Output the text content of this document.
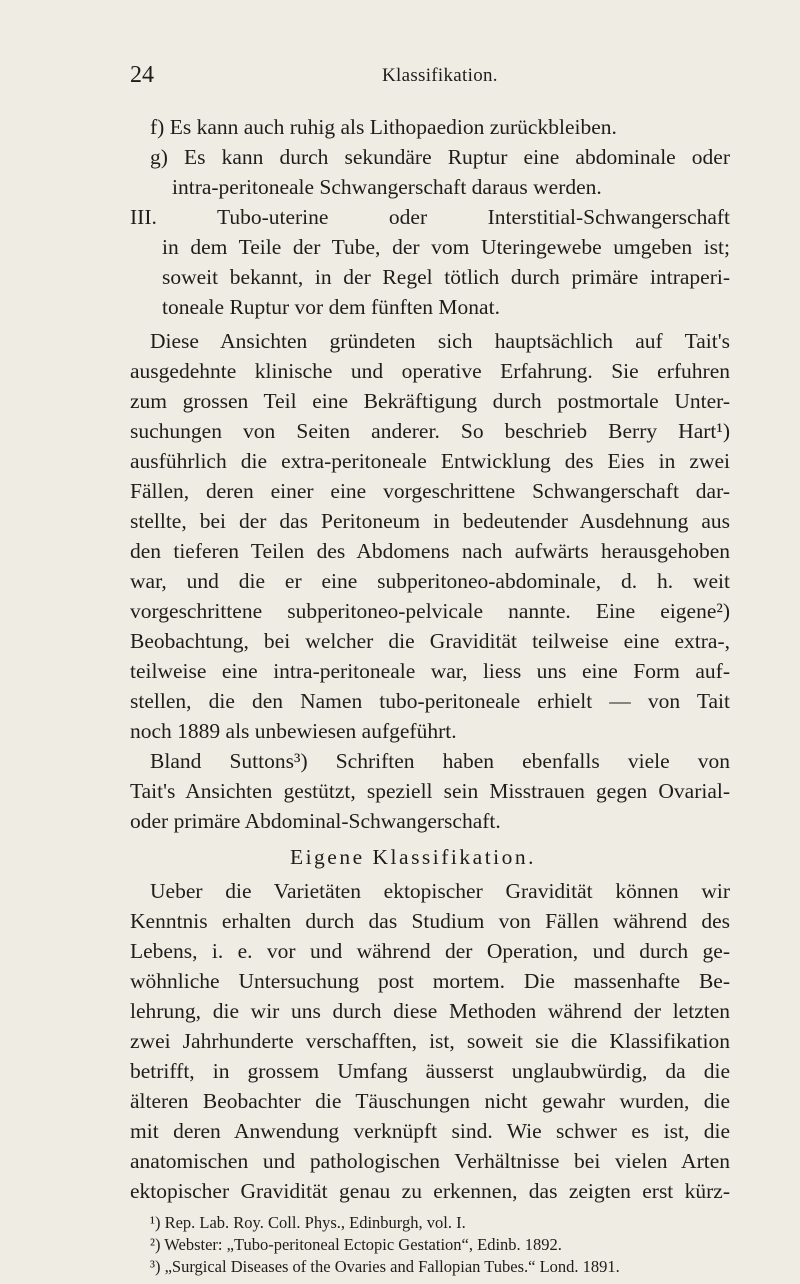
24	Klassifikation.
f) Es kann auch ruhig als Lithopaedion zurückbleiben.
g) Es kann durch sekundäre Ruptur eine abdominale oder
intra-peritoneale Schwangerschaft daraus werden.
III. Tubo-uterine oder Interstitial-Schwangerschaft
in dem Teile der Tube, der vom Uteringewebe umgeben ist;
soweit bekannt, in der Regel tötlich durch primäre intraperi-
toneale Ruptur vor dem fünften Monat.
Diese Ansichten gründeten sich hauptsächlich auf Tait's
ausgedehnte klinische und operative Erfahrung. Sie erfuhren
zum grossen Teil eine Bekräftigung durch postmortale Unter-
suchungen von Seiten anderer. So beschrieb Berry Hart¹)
ausführlich die extra-peritoneale Entwicklung des Eies in zwei
Fällen, deren einer eine vorgeschrittene Schwangerschaft dar-
stellte, bei der das Peritoneum in bedeutender Ausdehnung aus
den tieferen Teilen des Abdomens nach aufwärts herausgehoben
war, und die er eine subperitoneo-abdominale, d. h. weit
vorgeschrittene subperitoneo-pelvicale nannte. Eine eigene²)
Beobachtung, bei welcher die Gravidität teilweise eine extra-,
teilweise eine intra-peritoneale war, liess uns eine Form auf-
stellen, die den Namen tubo-peritoneale erhielt — von Tait
noch 1889 als unbewiesen aufgeführt.
Bland Suttons³) Schriften haben ebenfalls viele von
Tait's Ansichten gestützt, speziell sein Misstrauen gegen Ovarial-
oder primäre Abdominal-Schwangerschaft.
Eigene Klassifikation.
Ueber die Varietäten ektopischer Gravidität können wir
Kenntnis erhalten durch das Studium von Fällen während des
Lebens, i. e. vor und während der Operation, und durch ge-
wöhnliche Untersuchung post mortem. Die massenhafte Be-
lehrung, die wir uns durch diese Methoden während der letzten
zwei Jahrhunderte verschafften, ist, soweit sie die Klassifikation
betrifft, in grossem Umfang äusserst unglaubwürdig, da die
älteren Beobachter die Täuschungen nicht gewahr wurden, die
mit deren Anwendung verknüpft sind. Wie schwer es ist, die
anatomischen und pathologischen Verhältnisse bei vielen Arten
ektopischer Gravidität genau zu erkennen, das zeigten erst kürz-
¹) Rep. Lab. Roy. Coll. Phys., Edinburgh, vol. I.
²) Webster: „Tubo-peritoneal Ectopic Gestation“, Edinb. 1892.
³) „Surgical Diseases of the Ovaries and Fallopian Tubes.“ Lond. 1891.
